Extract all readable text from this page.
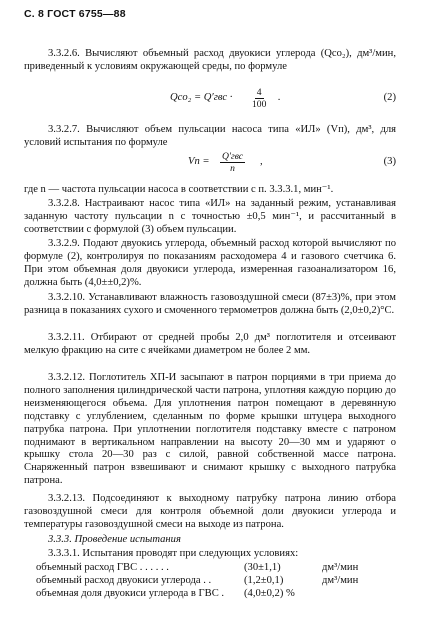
С. 8 ГОСТ 6755—88

3.3.2.6. Вычисляют объемный расход двуокиси углерода (Qco₂), дм³/мин, приведенный к условиям окружающей среды, по формуле

$Qco_2 = Q'гвс \cdot \frac{4}{100}$ .	(2)

3.3.2.7. Вычисляют объем пульсации насоса типа «ИЛ» (Vп), дм³, для условий испытания по формуле

Vп = Q′гвс
n
,	(3)

где n — частота пульсации насоса в соответствии с п. 3.3.3.1, мин⁻¹.

3.3.2.8. Настраивают насос типа «ИЛ» на заданный режим, устанавливая заданную частоту пульсации n с точностью ±0,5 мин⁻¹, и рассчитанный в соответствии с формулой (3) объем пульсации.

3.3.2.9. Подают двуокись углерода, объемный расход которой вычисляют по формуле (2), контролируя по показаниям расходомера 4 и газового счетчика 6. При этом объемная доля двуокиси углерода, измеренная газоанализатором 16, должна быть (4,0±±0,2)%.

3.3.2.10. Устанавливают влажность газовоздушной смеси (87±3)%, при этом разница в показаниях сухого и смоченного термометров должна быть (2,0±0,2)°С.

3.3.2.11. Отбирают от средней пробы 2,0 дм³ поглотителя и отсеивают мелкую фракцию на сите с ячейками диаметром не более 2 мм.

3.3.2.12. Поглотитель ХП-И засыпают в патрон порциями в три приема до полного заполнения цилиндрической части патрона, уплотняя каждую порцию до неизменяющегося объема. Для уплотнения патрон помещают в деревянную подставку с углублением, сделанным по форме крышки штуцера выходного патрубка патрона. При уплотнении поглотителя подставку вместе с патроном поднимают в вертикальном направлении на высоту 20—30 мм и ударяют о крышку стола 20—30 раз с силой, равной собственной массе патрона. Снаряженный патрон взвешивают и снимают крышку с выходного патрубка патрона.

3.3.2.13. Подсоединяют к выходному патрубку патрона линию отбора газовоздушной смеси для контроля объемной доли двуокиси углерода и температуры газовоздушной смеси на выходе из патрона.

3.3.3. Проведение испытания

3.3.3.1. Испытания проводят при следующих условиях:

объемный расход ГВС . . . . . .	(30±1,1)	дм³/мин
объемный расход двуокиси углерода . .	(1,2±0,1)	дм³/мин
объемная доля двуокиси углерода в ГВС .	(4,0±0,2) %
